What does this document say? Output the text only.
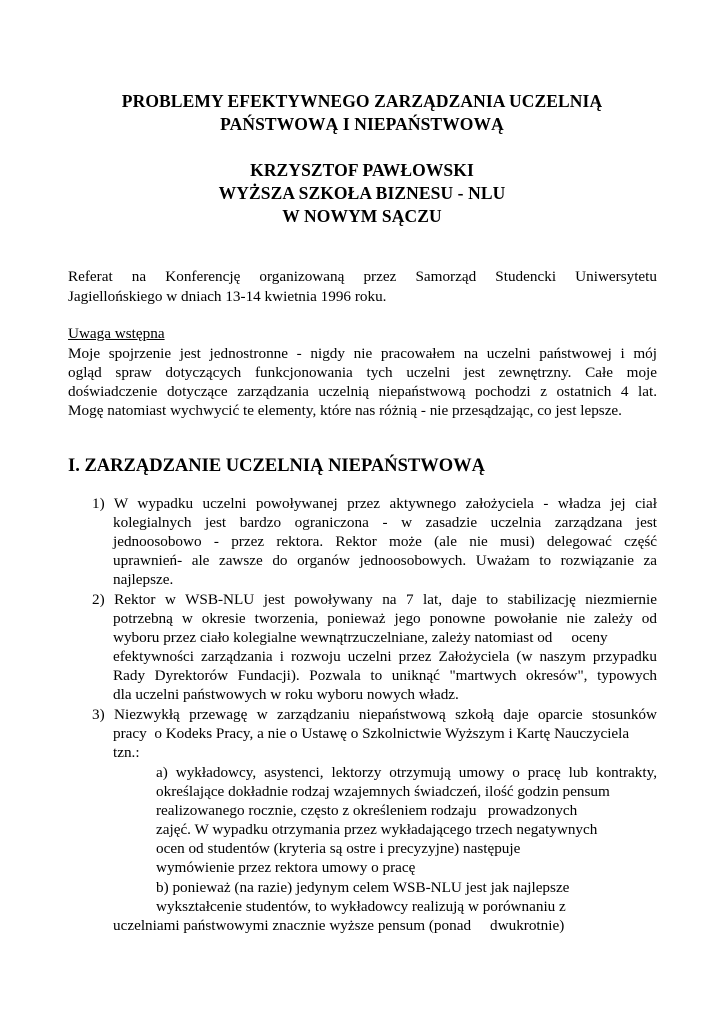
PROBLEMY EFEKTYWNEGO ZARZĄDZANIA UCZELNIĄ
PAŃSTWOWĄ I NIEPAŃSTWOWĄ
KRZYSZTOF PAWŁOWSKI
WYŻSZA SZKOŁA BIZNESU - NLU
W NOWYM SĄCZU
Referat na Konferencję organizowaną przez Samorząd Studencki Uniwersytetu
Jagiellońskiego w dniach 13-14 kwietnia 1996 roku.
Uwaga wstępna
Moje spojrzenie jest jednostronne - nigdy nie pracowałem na uczelni państwowej i mój
ogląd spraw dotyczących funkcjonowania tych uczelni jest zewnętrzny. Całe moje
doświadczenie dotyczące zarządzania uczelnią niepaństwową pochodzi z ostatnich 4 lat.
Mogę natomiast wychwycić te elementy, które nas różnią - nie przesądzając, co jest lepsze.
I. ZARZĄDZANIE UCZELNIĄ NIEPAŃSTWOWĄ
1) W wypadku uczelni powoływanej przez aktywnego założyciela - władza jej ciał
kolegialnych jest bardzo ograniczona - w zasadzie uczelnia zarządzana jest
jednoosobowo - przez rektora. Rektor może (ale nie musi) delegować część
uprawnień- ale zawsze do organów jednoosobowych. Uważam to rozwiązanie za
najlepsze.
2) Rektor w WSB-NLU jest powoływany na 7 lat, daje to stabilizację niezmiernie
potrzebną w okresie tworzenia, ponieważ jego ponowne powołanie nie zależy od
wyboru przez ciało kolegialne wewnątrzuczelniane, zależy natomiast od     oceny
efektywności zarządzania i rozwoju uczelni przez Założyciela (w naszym przypadku
Rady Dyrektorów Fundacji). Pozwala to uniknąć "martwych okresów", typowych
dla uczelni państwowych w roku wyboru nowych władz.
3) Niezwykłą przewagę w zarządzaniu niepaństwową szkołą daje oparcie stosunków
pracy  o Kodeks Pracy, a nie o Ustawę o Szkolnictwie Wyższym i Kartę Nauczyciela
tzn.:
a) wykładowcy, asystenci, lektorzy otrzymują umowy o pracę lub kontrakty,
określające dokładnie rodzaj wzajemnych świadczeń, ilość godzin pensum
realizowanego rocznie, często z określeniem rodzaju   prowadzonych
zajęć. W wypadku otrzymania przez wykładającego trzech negatywnych
ocen od studentów (kryteria są ostre i precyzyjne) następuje
wymówienie przez rektora umowy o pracę
b) ponieważ (na razie) jedynym celem WSB-NLU jest jak najlepsze
wykształcenie studentów, to wykładowcy realizują w porównaniu z
uczelniami państwowymi znacznie wyższe pensum (ponad     dwukrotnie)
